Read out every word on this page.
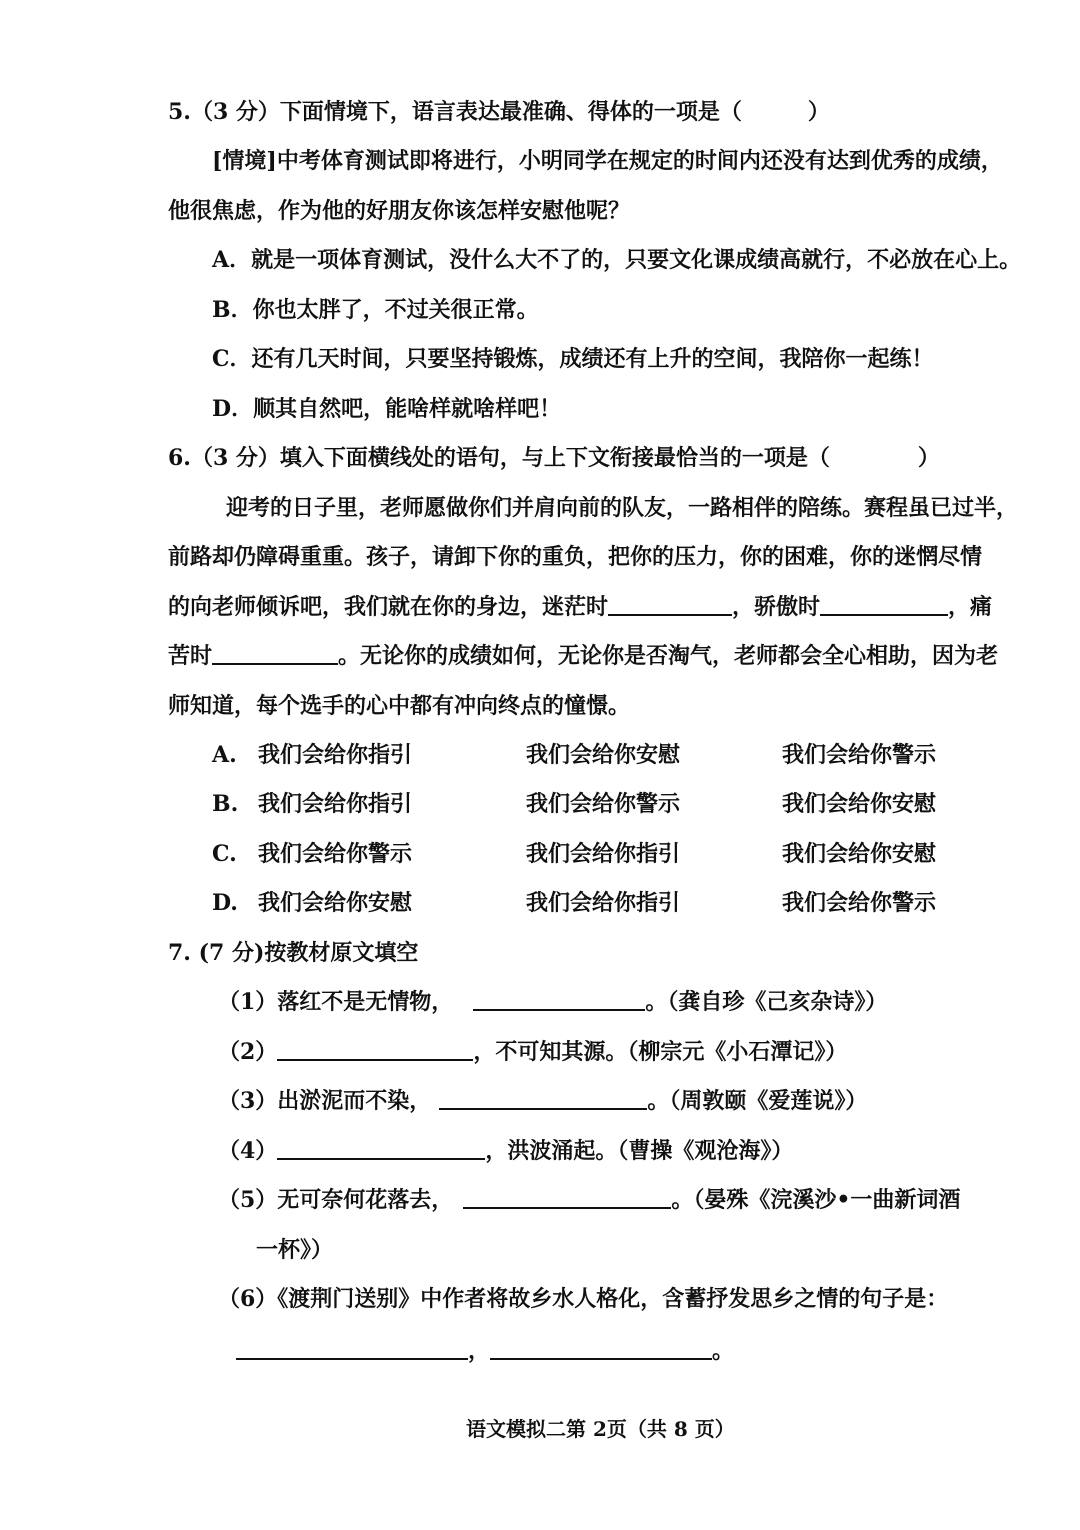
5.（3 分）下面情境下，语言表达最准确、得体的一项是（　　　）
[情境]中考体育测试即将进行，小明同学在规定的时间内还没有达到优秀的成绩，
他很焦虑，作为他的好朋友你该怎样安慰他呢？
A．就是一项体育测试，没什么大不了的，只要文化课成绩高就行，不必放在心上。
B．你也太胖了，不过关很正常。
C．还有几天时间，只要坚持锻炼，成绩还有上升的空间，我陪你一起练！
D．顺其自然吧，能啥样就啥样吧！
6.（3 分）填入下面横线处的语句，与上下文衔接最恰当的一项是（　　　　）
迎考的日子里，老师愿做你们并肩向前的队友，一路相伴的陪练。赛程虽已过半，
前路却仍障碍重重。孩子，请卸下你的重负，把你的压力，你的困难，你的迷惘尽情
的向老师倾诉吧，我们就在你的身边，迷茫时	，骄傲时	，痛
苦时	。无论你的成绩如何，无论你是否淘气，老师都会全心相助，因为老
师知道，每个选手的心中都有冲向终点的憧憬。
A. 我们会给你指引	我们会给你安慰	我们会给你警示
B. 我们会给你指引	我们会给你警示	我们会给你安慰
C. 我们会给你警示	我们会给你指引	我们会给你安慰
D. 我们会给你安慰	我们会给你指引	我们会给你警示
7. (7 分)按教材原文填空
（1）落红不是无情物，	。（龚自珍《己亥杂诗》）
（2）	，不可知其源。（柳宗元《小石潭记》）
（3）出淤泥而不染，	。（周敦颐《爱莲说》）
（4）	，洪波涌起。（曹操《观沧海》）
（5）无可奈何花落去，	。（晏殊《浣溪沙•一曲新词酒
一杯》）
（6）《渡荆门送别》中作者将故乡水人格化，含蓄抒发思乡之情的句子是：
，	。
语文模拟二第 2页（共 8 页）
